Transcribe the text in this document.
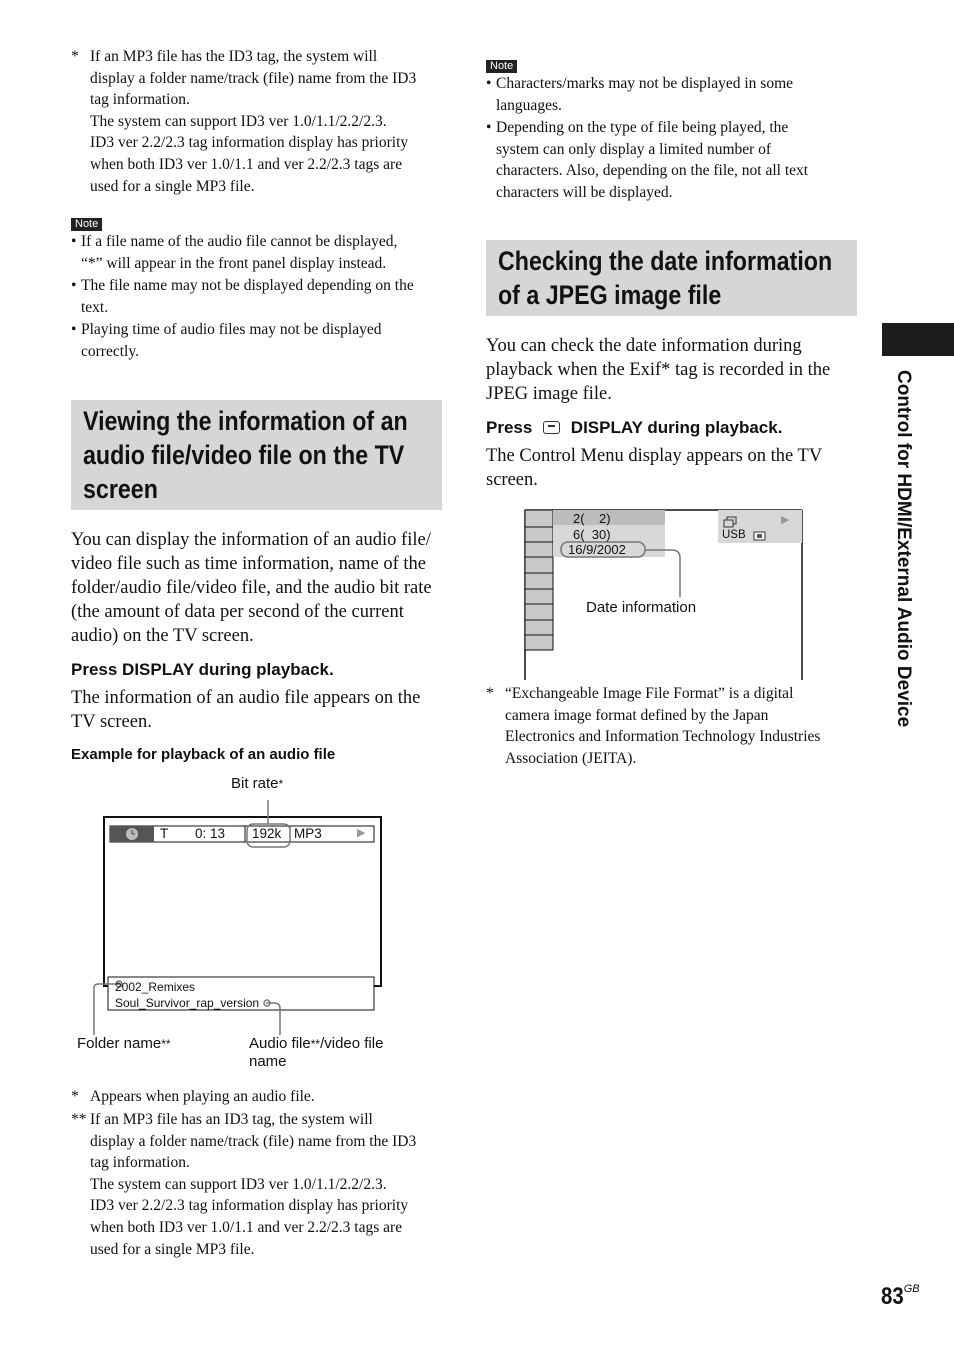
* If an MP3 file has the ID3 tag, the system will
display a folder name/track (file) name from the ID3
tag information.
The system can support ID3 ver 1.0/1.1/2.2/2.3.
ID3 ver 2.2/2.3 tag information display has priority
when both ID3 ver 1.0/1.1 and ver 2.2/2.3 tags are
used for a single MP3 file.
Note
• If a file name of the audio file cannot be displayed,
“*” will appear in the front panel display instead.
• The file name may not be displayed depending on the
text.
• Playing time of audio files may not be displayed
correctly.
Viewing the information of an
audio file/video file on the TV
screen
You can display the information of an audio file/
video file such as time information, name of the
folder/audio file/video file, and the audio bit rate
(the amount of data per second of the current
audio) on the TV screen.
Press DISPLAY during playback.
The information of an audio file appears on the
TV screen.
Example for playback of an audio file
Bit rate*
T 0: 13 192k MP3	▶
2002_Remixes
Soul_Survivor_rap_version
Folder name**	Audio file**/video file
name
* Appears when playing an audio file.
** If an MP3 file has an ID3 tag, the system will
display a folder name/track (file) name from the ID3
tag information.
The system can support ID3 ver 1.0/1.1/2.2/2.3.
ID3 ver 2.2/2.3 tag information display has priority
when both ID3 ver 1.0/1.1 and ver 2.2/2.3 tags are
used for a single MP3 file.
Note
• Characters/marks may not be displayed in some
languages.
• Depending on the type of file being played, the
system can only display a limited number of
characters. Also, depending on the file, not all text
characters will be displayed.
Checking the date information
of a JPEG image file
You can check the date information during
playback when the Exif* tag is recorded in the
JPEG image file.
Press DISPLAY during playback.
The Control Menu display appears on the TV
screen.
2(    2)
6(  30)
16/9/2002
USB
▶
Date information
* “Exchangeable Image File Format” is a digital
camera image format defined by the Japan
Electronics and Information Technology Industries
Association (JEITA).
Control for HDMI/External Audio Device
$83^{GB}$
